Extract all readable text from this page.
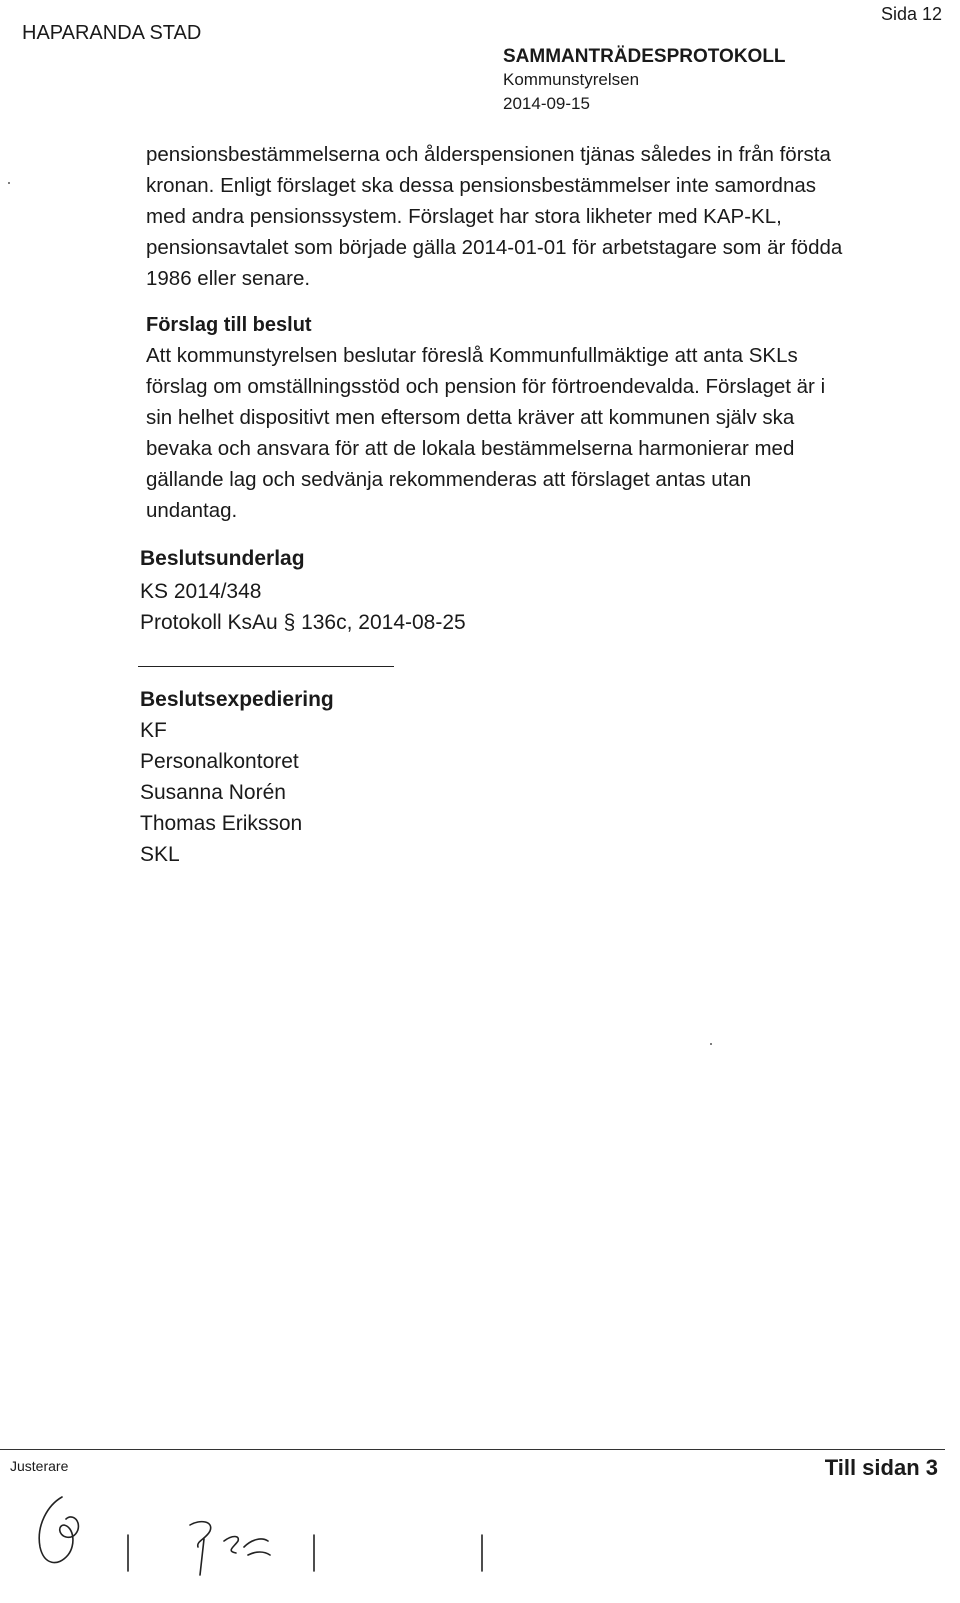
HAPARANDA STAD
Sida 12
SAMMANTRÄDESPROTOKOLL
Kommunstyrelsen
2014-09-15
pensionsbestämmelserna och ålderspensionen tjänas således in från första
kronan. Enligt förslaget ska dessa pensionsbestämmelser inte samordnas
med andra pensionssystem. Förslaget har stora likheter med KAP-KL,
pensionsavtalet som började gälla 2014-01-01 för arbetstagare som är födda
1986 eller senare.
Förslag till beslut
Att kommunstyrelsen beslutar föreslå Kommunfullmäktige att anta SKLs
förslag om omställningsstöd och pension för förtroendevalda. Förslaget är i
sin helhet dispositivt men eftersom detta kräver att kommunen själv ska
bevaka och ansvara för att de lokala bestämmelserna harmonierar med
gällande lag och sedvänja rekommenderas att förslaget antas utan
undantag.
Beslutsunderlag
KS 2014/348
Protokoll KsAu § 136c, 2014-08-25
Beslutsexpediering
KF
Personalkontoret
Susanna Norén
Thomas Eriksson
SKL
Justerare	Till sidan 3
